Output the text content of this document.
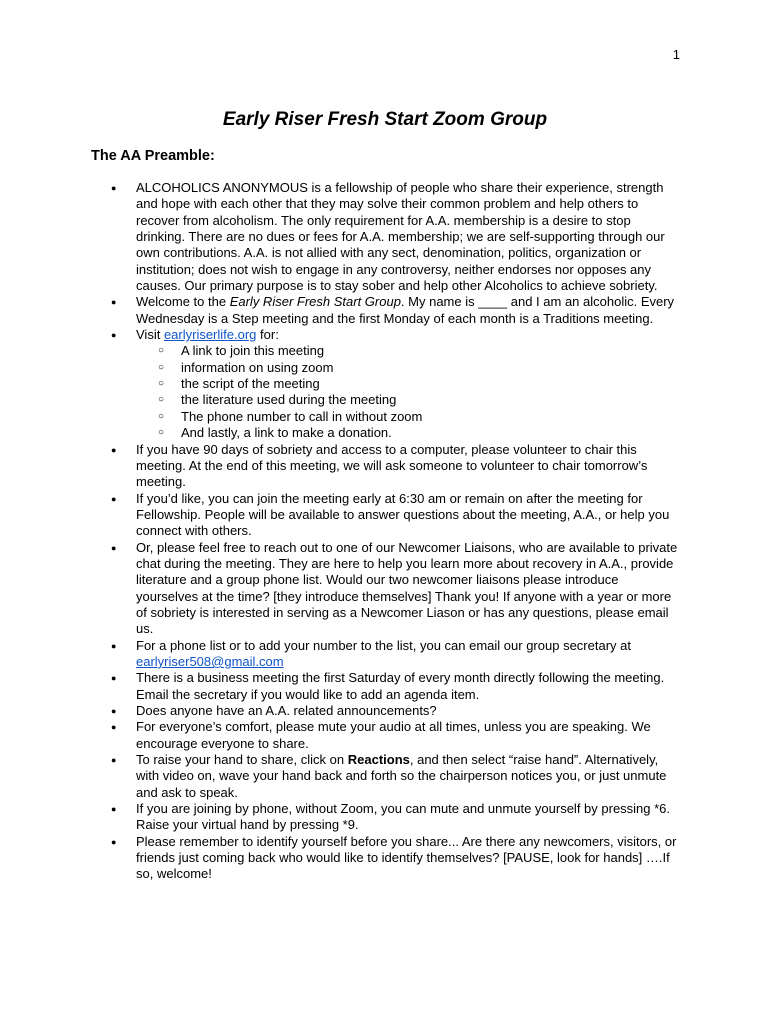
1
Early Riser Fresh Start Zoom Group
The AA Preamble:
● ALCOHOLICS ANONYMOUS is a fellowship of people who share their experience, strength and hope with each other that they may solve their common problem and help others to recover from alcoholism. The only requirement for A.A. membership is a desire to stop drinking. There are no dues or fees for A.A. membership; we are self-supporting through our own contributions. A.A. is not allied with any sect, denomination, politics, organization or institution; does not wish to engage in any controversy, neither endorses nor opposes any causes. Our primary purpose is to stay sober and help other Alcoholics to achieve sobriety.
● Welcome to the Early Riser Fresh Start Group. My name is ____ and I am an alcoholic. Every Wednesday is a Step meeting and the first Monday of each month is a Traditions meeting.
● Visit earlyriserlife.org for:
○ A link to join this meeting
○ information on using zoom
○ the script of the meeting
○ the literature used during the meeting
○ The phone number to call in without zoom
○ And lastly, a link to make a donation.
● If you have 90 days of sobriety and access to a computer, please volunteer to chair this meeting. At the end of this meeting, we will ask someone to volunteer to chair tomorrow’s meeting.
● If you’d like, you can join the meeting early at 6:30 am or remain on after the meeting for Fellowship. People will be available to answer questions about the meeting, A.A., or help you connect with others.
● Or, please feel free to reach out to one of our Newcomer Liaisons, who are available to private chat during the meeting. They are here to help you learn more about recovery in A.A., provide literature and a group phone list. Would our two newcomer liaisons please introduce yourselves at the time? [they introduce themselves] Thank you! If anyone with a year or more of sobriety is interested in serving as a Newcomer Liason or has any questions, please email us.
● For a phone list or to add your number to the list, you can email our group secretary at earlyriser508@gmail.com
● There is a business meeting the first Saturday of every month directly following the meeting. Email the secretary if you would like to add an agenda item.
● Does anyone have an A.A. related announcements?
● For everyone’s comfort, please mute your audio at all times, unless you are speaking. We encourage everyone to share.
● To raise your hand to share, click on Reactions, and then select “raise hand”. Alternatively, with video on, wave your hand back and forth so the chairperson notices you, or just unmute and ask to speak.
● If you are joining by phone, without Zoom, you can mute and unmute yourself by pressing *6. Raise your virtual hand by pressing *9.
● Please remember to identify yourself before you share... Are there any newcomers, visitors, or friends just coming back who would like to identify themselves? [PAUSE, look for hands] ….If so, welcome!
